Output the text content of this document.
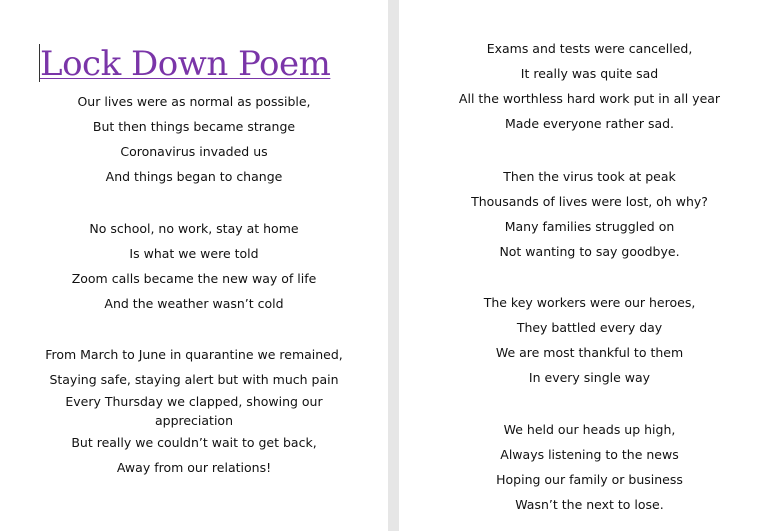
Lock Down Poem
Our lives were as normal as possible,
But then things became strange
Coronavirus invaded us
And things began to change
No school, no work, stay at home
Is what we were told
Zoom calls became the new way of life
And the weather wasn’t cold
From March to June in quarantine we remained,
Staying safe, staying alert but with much pain
Every Thursday we clapped, showing our appreciation
But really we couldn’t wait to get back,
Away from our relations!
Exams and tests were cancelled,
It really was quite sad
All the worthless hard work put in all year
Made everyone rather sad.
Then the virus took at peak
Thousands of lives were lost, oh why?
Many families struggled on
Not wanting to say goodbye.
The key workers were our heroes,
They battled every day
We are most thankful to them
In every single way
We held our heads up high,
Always listening to the news
Hoping our family or business
Wasn’t the next to lose.
